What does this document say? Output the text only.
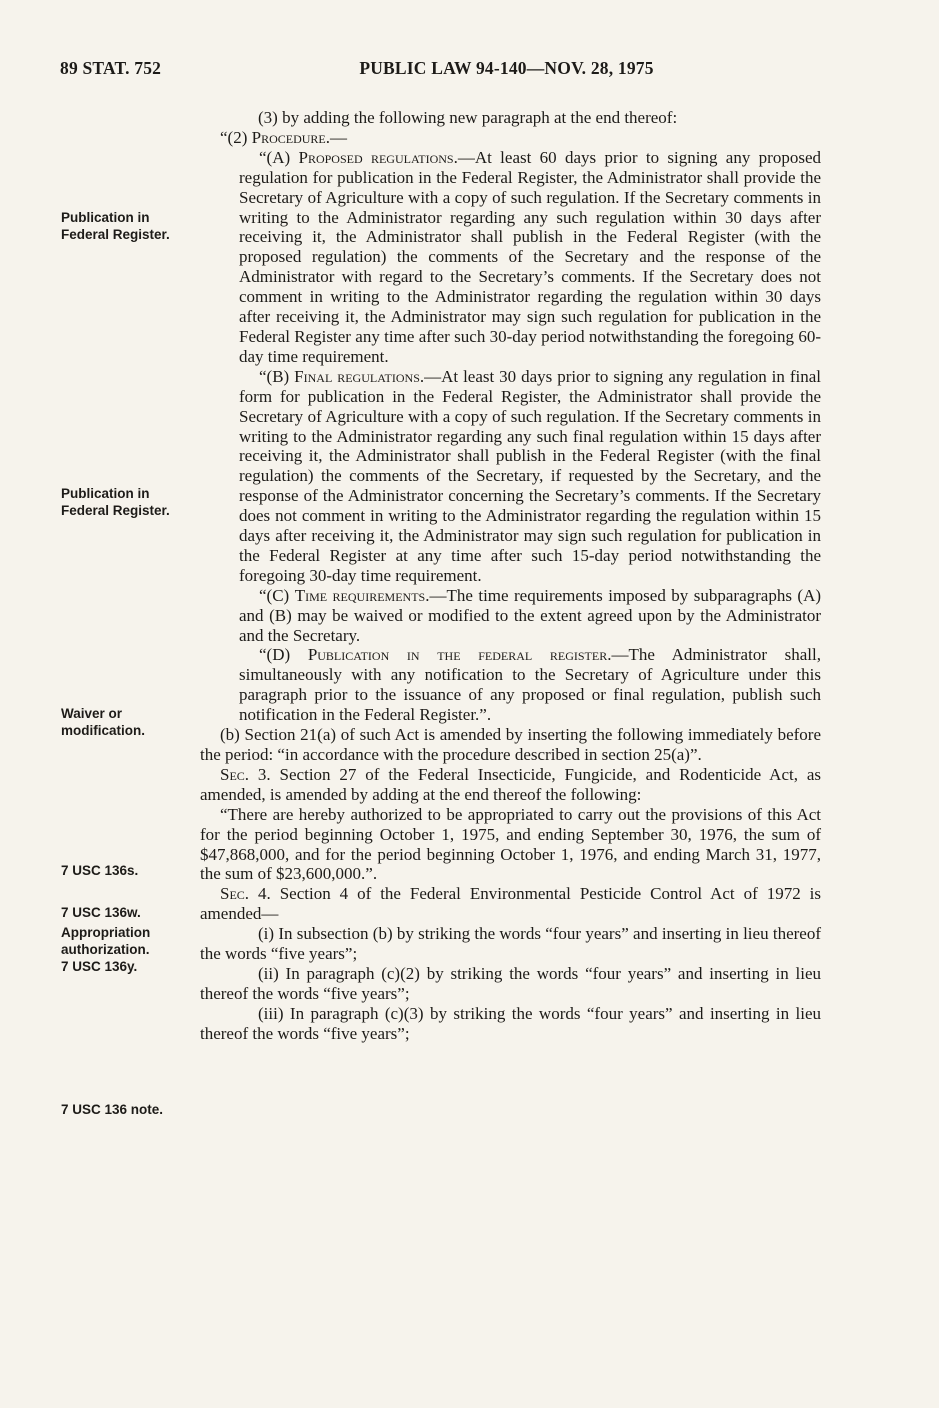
89 STAT. 752	PUBLIC LAW 94-140—NOV. 28, 1975
Publication in
Federal Register.
Publication in
Federal Register.
Waiver or
modification.
7 USC 136s.
7 USC 136w.
Appropriation
authorization.
7 USC 136y.
7 USC 136 note.

(3) by adding the following new paragraph at the end thereof:

“(2) Procedure.—

“(A) Proposed regulations.—At least 60 days prior to signing any proposed regulation for publication in the Federal Register, the Administrator shall provide the Secretary of Agriculture with a copy of such regulation. If the Secretary comments in writing to the Administrator regarding any such regulation within 30 days after receiving it, the Administrator shall publish in the Federal Register (with the proposed regulation) the comments of the Secretary and the response of the Administrator with regard to the Secretary’s comments. If the Secretary does not comment in writing to the Administrator regarding the regulation within 30 days after receiving it, the Administrator may sign such regulation for publication in the Federal Register any time after such 30-day period notwithstanding the foregoing 60-day time requirement.

“(B) Final regulations.—At least 30 days prior to signing any regulation in final form for publication in the Federal Register, the Administrator shall provide the Secretary of Agriculture with a copy of such regulation. If the Secretary comments in writing to the Administrator regarding any such final regulation within 15 days after receiving it, the Administrator shall publish in the Federal Register (with the final regulation) the comments of the Secretary, if requested by the Secretary, and the response of the Administrator concerning the Secretary’s comments. If the Secretary does not comment in writing to the Administrator regarding the regulation within 15 days after receiving it, the Administrator may sign such regulation for publication in the Federal Register at any time after such 15-day period notwithstanding the foregoing 30-day time requirement.

“(C) Time requirements.—The time requirements imposed by subparagraphs (A) and (B) may be waived or modified to the extent agreed upon by the Administrator and the Secretary.

“(D) Publication in the federal register.—The Administrator shall, simultaneously with any notification to the Secretary of Agriculture under this paragraph prior to the issuance of any proposed or final regulation, publish such notification in the Federal Register.”.

(b) Section 21(a) of such Act is amended by inserting the following immediately before the period: “in accordance with the procedure described in section 25(a)”.

Sec. 3. Section 27 of the Federal Insecticide, Fungicide, and Rodenticide Act, as amended, is amended by adding at the end thereof the following:

“There are hereby authorized to be appropriated to carry out the provisions of this Act for the period beginning October 1, 1975, and ending September 30, 1976, the sum of $47,868,000, and for the period beginning October 1, 1976, and ending March 31, 1977, the sum of $23,600,000.”.

Sec. 4. Section 4 of the Federal Environmental Pesticide Control Act of 1972 is amended—

(i) In subsection (b) by striking the words “four years” and inserting in lieu thereof the words “five years”;

(ii) In paragraph (c)(2) by striking the words “four years” and inserting in lieu thereof the words “five years”;

(iii) In paragraph (c)(3) by striking the words “four years” and inserting in lieu thereof the words “five years”;
